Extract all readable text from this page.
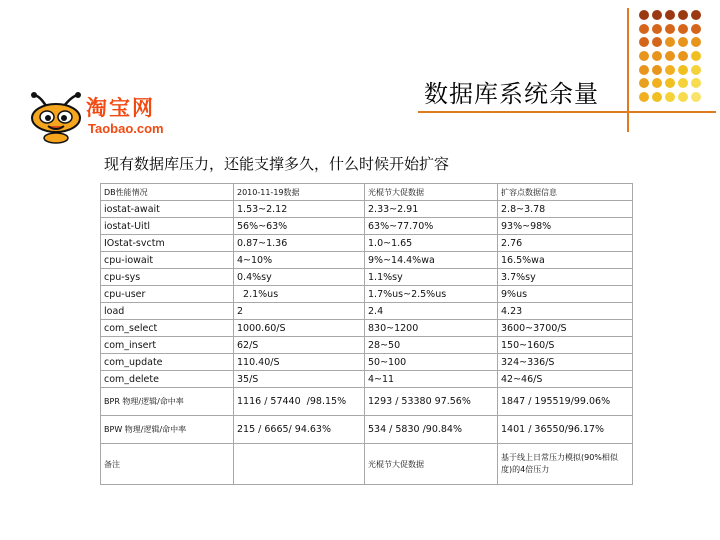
数据库系统余量
淘宝网
Taobao.com
现有数据库压力，还能支撑多久，什么时候开始扩容
DB性能情况	2010-11-19数据	光棍节大促数据	扩容点数据信息
iostat-await	1.53~2.12	2.33~2.91	2.8~3.78
iostat-Uitl	56%~63%	63%~77.70%	93%~98%
IOstat-svctm	0.87~1.36	1.0~1.65	2.76
cpu-iowait	4~10%	9%~14.4%wa	16.5%wa
cpu-sys	0.4%sy	1.1%sy	3.7%sy
cpu-user	2.1%us	1.7%us~2.5%us	9%us
load	2	2.4	4.23
com_select	1000.60/S	830~1200	3600~3700/S
com_insert	62/S	28~50	150~160/S
com_update	110.40/S	50~100	324~336/S
com_delete	35/S	4~11	42~46/S
BPR 物理/逻辑/命中率	1116 / 57440  /98.15%	1293 / 53380 97.56%	1847 / 195519/99.06%
BPW 物理/逻辑/命中率	215 / 6665/ 94.63%	534 / 5830 /90.84%	1401 / 36550/96.17%
备注		光棍节大促数据	基于线上日常压力模拟(90%相似度)的4倍压力
